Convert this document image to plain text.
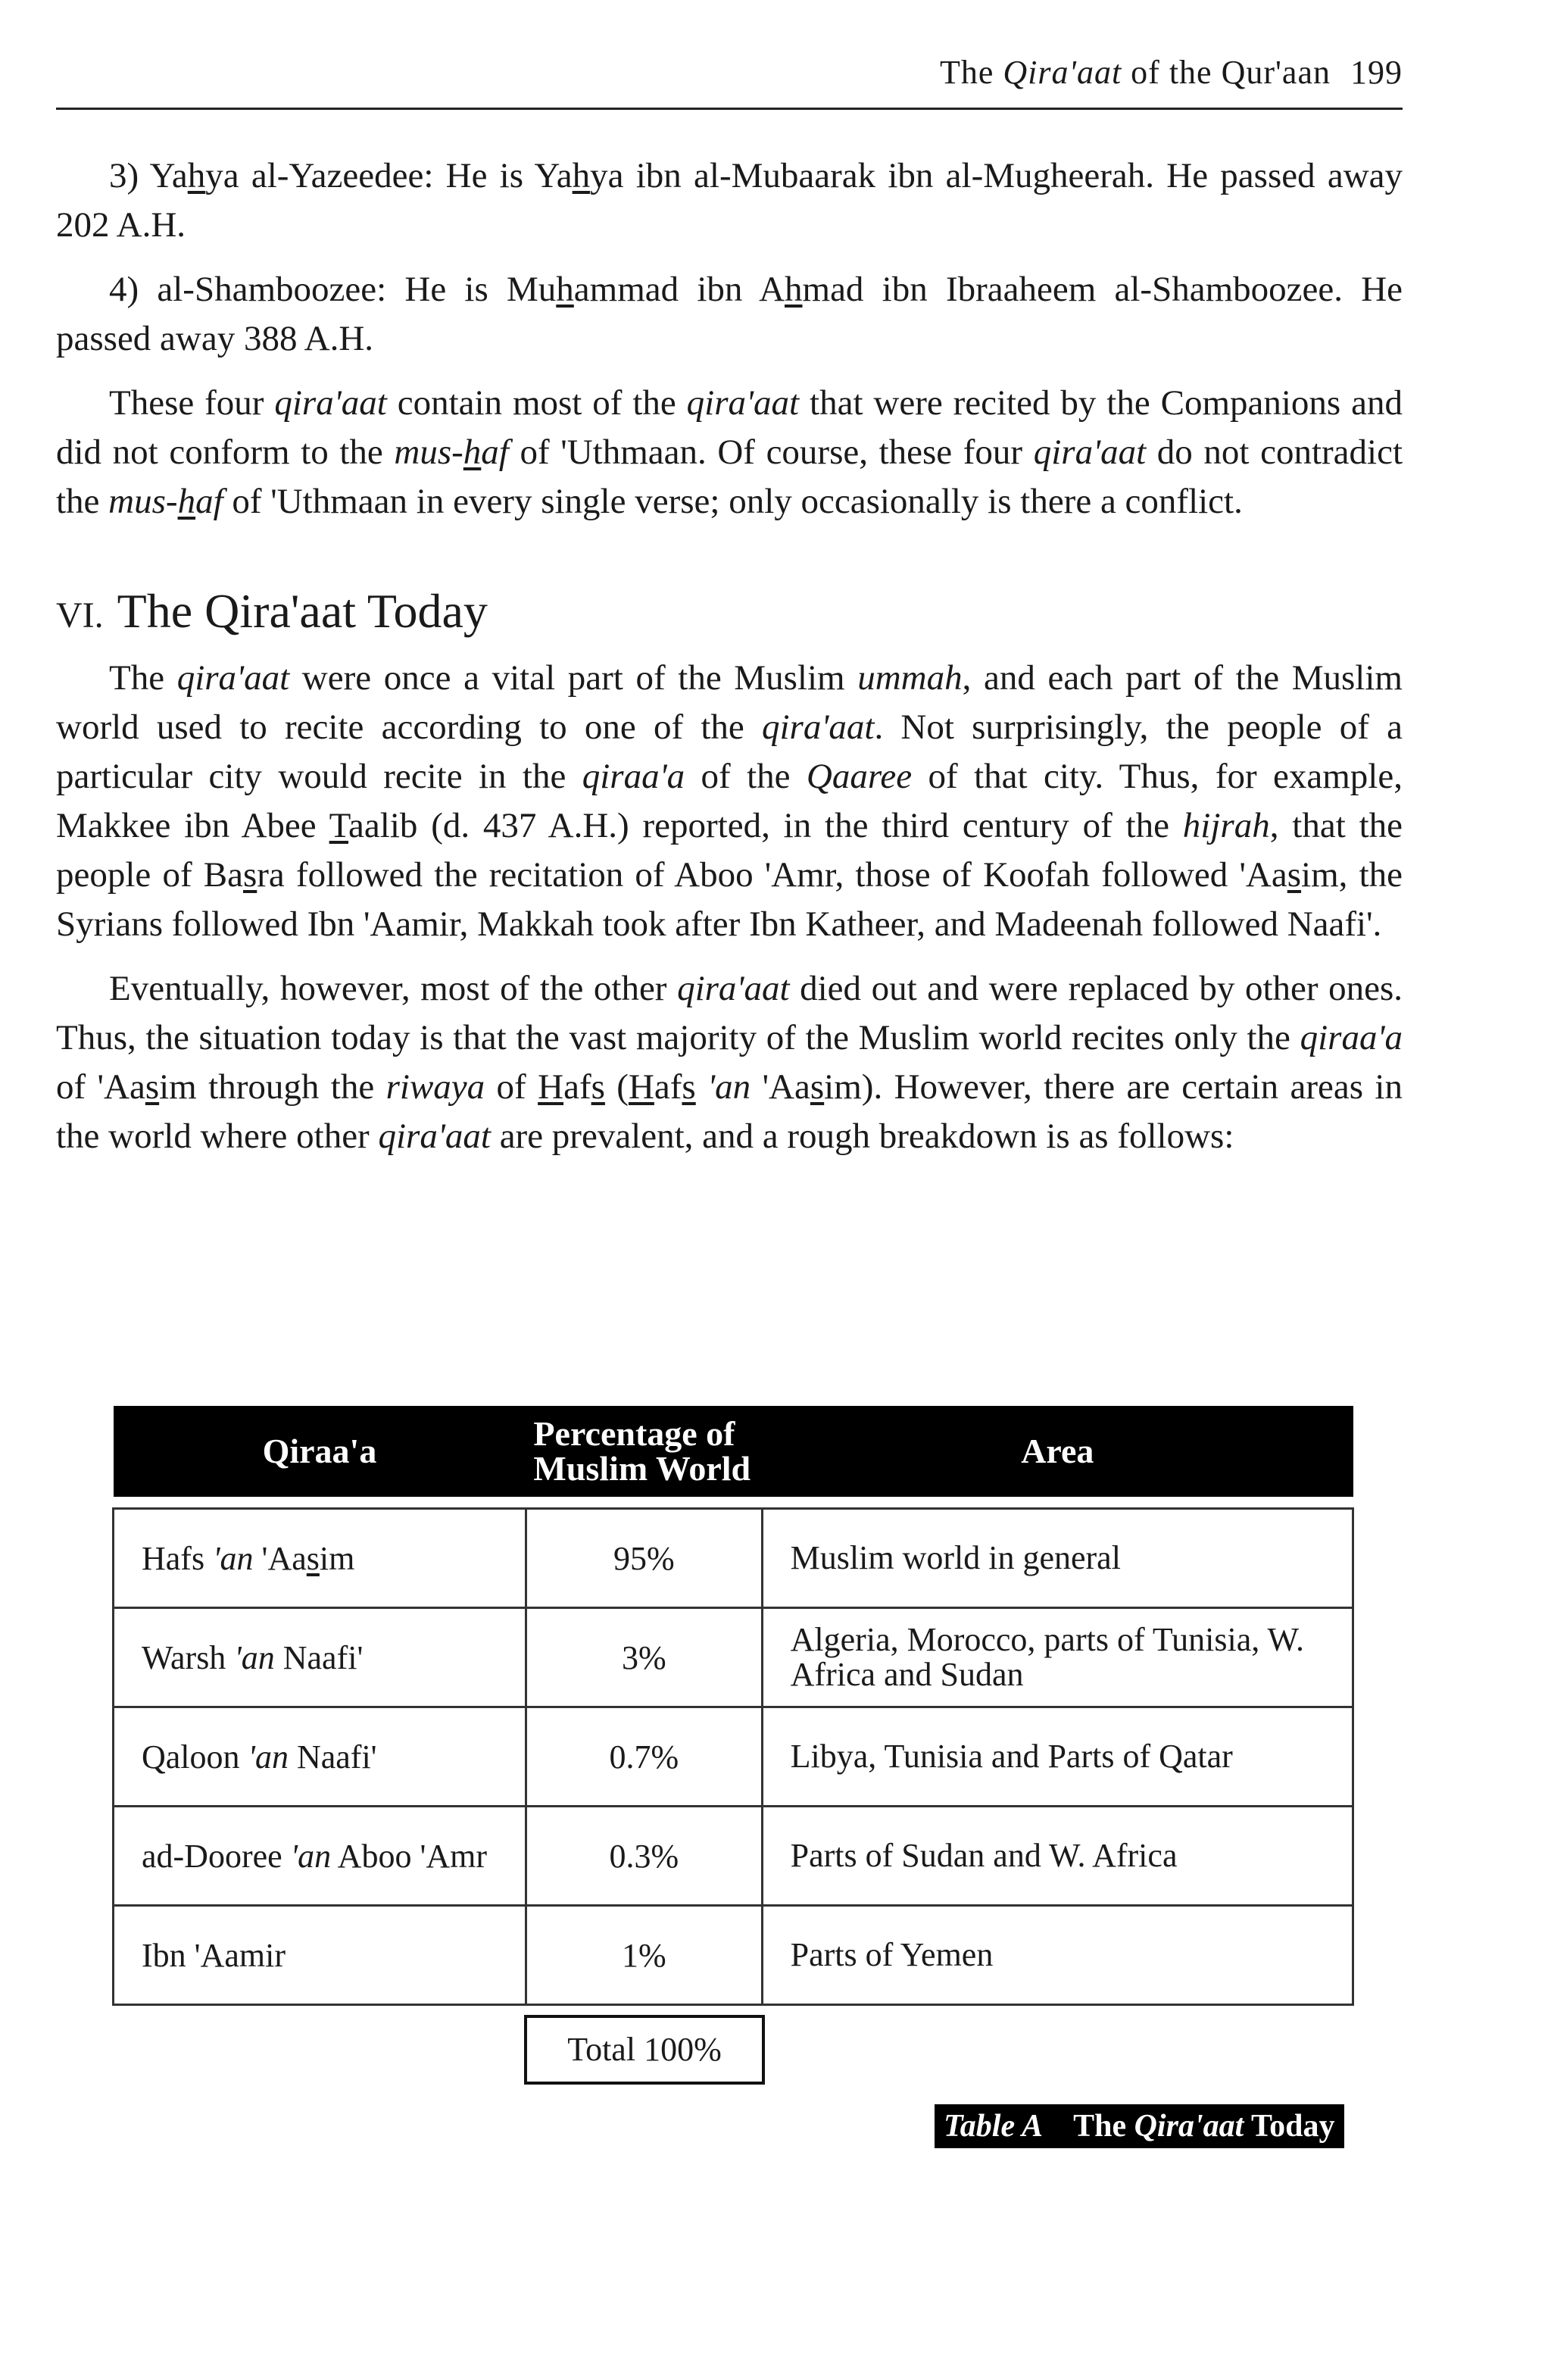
The Qira'aat of the Qur'aan 199

3) Yahya al-Yazeedee: He is Yahya ibn al-Mubaarak ibn al-Mugheerah. He passed away 202 A.H.

4) al-Shamboozee: He is Muhammad ibn Ahmad ibn Ibraaheem al-Shamboozee. He passed away 388 A.H.

These four qira'aat contain most of the qira'aat that were recited by the Companions and did not conform to the mus-haf of 'Uthmaan. Of course, these four qira'aat do not contradict the mus-haf of 'Uthmaan in every single verse; only occasionally is there a conflict.

VI. The Qira'aat Today

The qira'aat were once a vital part of the Muslim ummah, and each part of the Muslim world used to recite according to one of the qira'aat. Not surprisingly, the people of a particular city would recite in the qiraa'a of the Qaaree of that city. Thus, for example, Makkee ibn Abee Taalib (d. 437 A.H.) reported, in the third century of the hijrah, that the people of Basra followed the recitation of Aboo 'Amr, those of Koofah followed 'Aasim, the Syrians followed Ibn 'Aamir, Makkah took after Ibn Katheer, and Madeenah followed Naafi'.

Eventually, however, most of the other qira'aat died out and were replaced by other ones. Thus, the situation today is that the vast majority of the Muslim world recites only the qiraa'a of 'Aasim through the riwaya of Hafs (Hafs 'an 'Aasim). However, there are certain areas in the world where other qira'aat are prevalent, and a rough breakdown is as follows:

Qiraa'a	Percentage of Muslim World	Area

Hafs 'an 'Aasim	95%	Muslim world in general
Warsh 'an Naafi'	3%	Algeria, Morocco, parts of Tunisia, W. Africa and Sudan
Qaloon 'an Naafi'	0.7%	Libya, Tunisia and Parts of Qatar
ad-Dooree 'an Aboo 'Amr	0.3%	Parts of Sudan and W. Africa
Ibn 'Aamir	1%	Parts of Yemen
Total 100%
Table A The Qira'aat Today
